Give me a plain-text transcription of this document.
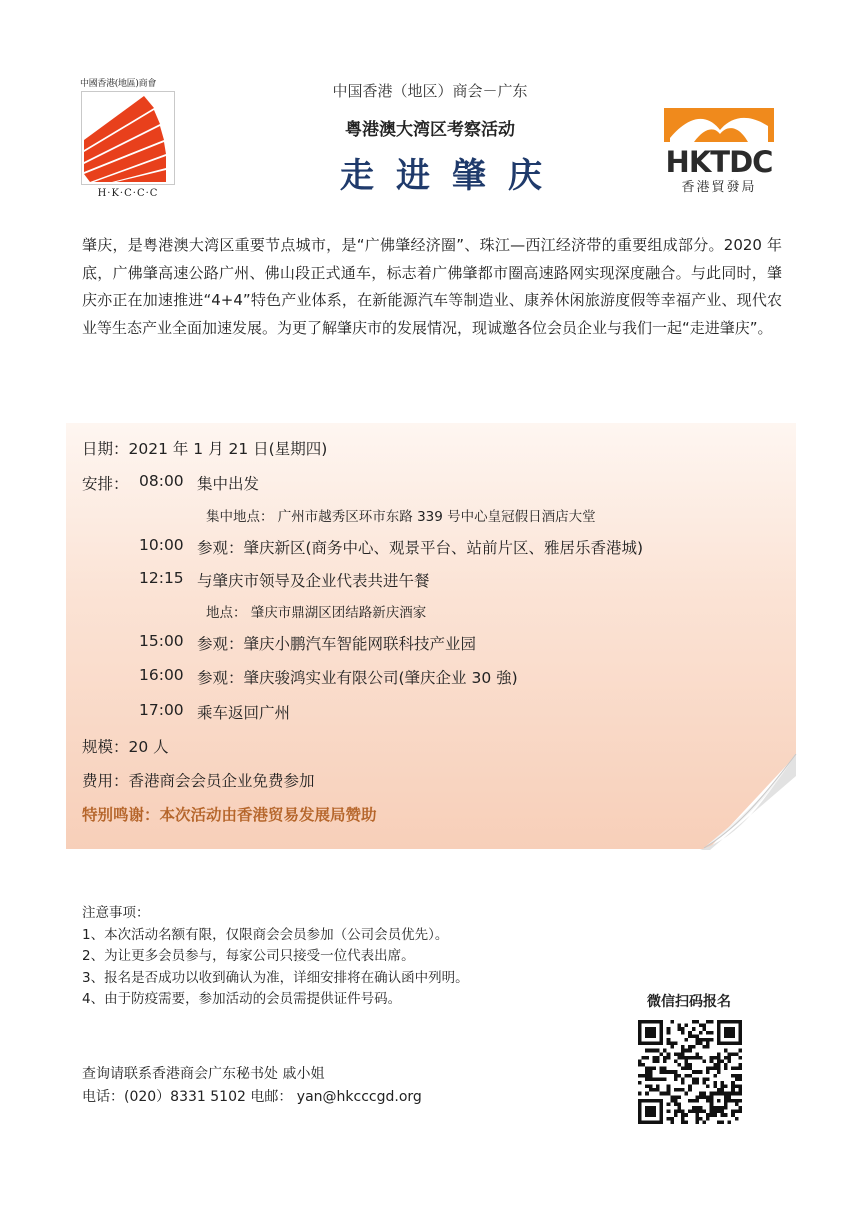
中國香港(地區)商會
H·K·C·C·C
中国香港（地区）商会－广东
粤港澳大湾区考察活动
走进肇庆	HKTDC
香港貿發局
肇庆，是粤港澳大湾区重要节点城市，是“广佛肇经济圈”、珠江—西江经济带的重要组成部分。2020 年底，广佛肇高速公路广州、佛山段正式通车，标志着广佛肇都市圈高速路网实现深度融合。与此同时，肇庆亦正在加速推进“4+4”特色产业体系，在新能源汽车等制造业、康养休闲旅游度假等幸福产业、现代农业等生态产业全面加速发展。为更了解肇庆市的发展情况，现诚邀各位会员企业与我们一起“走进肇庆”。
日期：2021 年 1 月 21 日(星期四)
安排： 08:00 集中出发
集中地点： 广州市越秀区环市东路 339 号中心皇冠假日酒店大堂
10:00 参观：肇庆新区(商务中心、观景平台、站前片区、雅居乐香港城)
12:15 与肇庆市领导及企业代表共进午餐
地点： 肇庆市鼎湖区团结路新庆酒家
15:00 参观：肇庆小鹏汽车智能网联科技产业园
16:00 参观：肇庆骏鸿实业有限公司(肇庆企业 30 強)
17:00 乘车返回广州
规模：20 人
费用：香港商会会员企业免费参加
特别鸣谢：本次活动由香港贸易发展局赞助
注意事项：
1、本次活动名额有限，仅限商会会员参加（公司会员优先）。
2、为让更多会员参与，每家公司只接受一位代表出席。
3、报名是否成功以收到确认为准，详细安排将在确认函中列明。
4、由于防疫需要，参加活动的会员需提供证件号码。
查询请联系香港商会广东秘书处 戚小姐
电话：(020）8331 5102 电邮： yan@hkcccgd.org
微信扫码报名
